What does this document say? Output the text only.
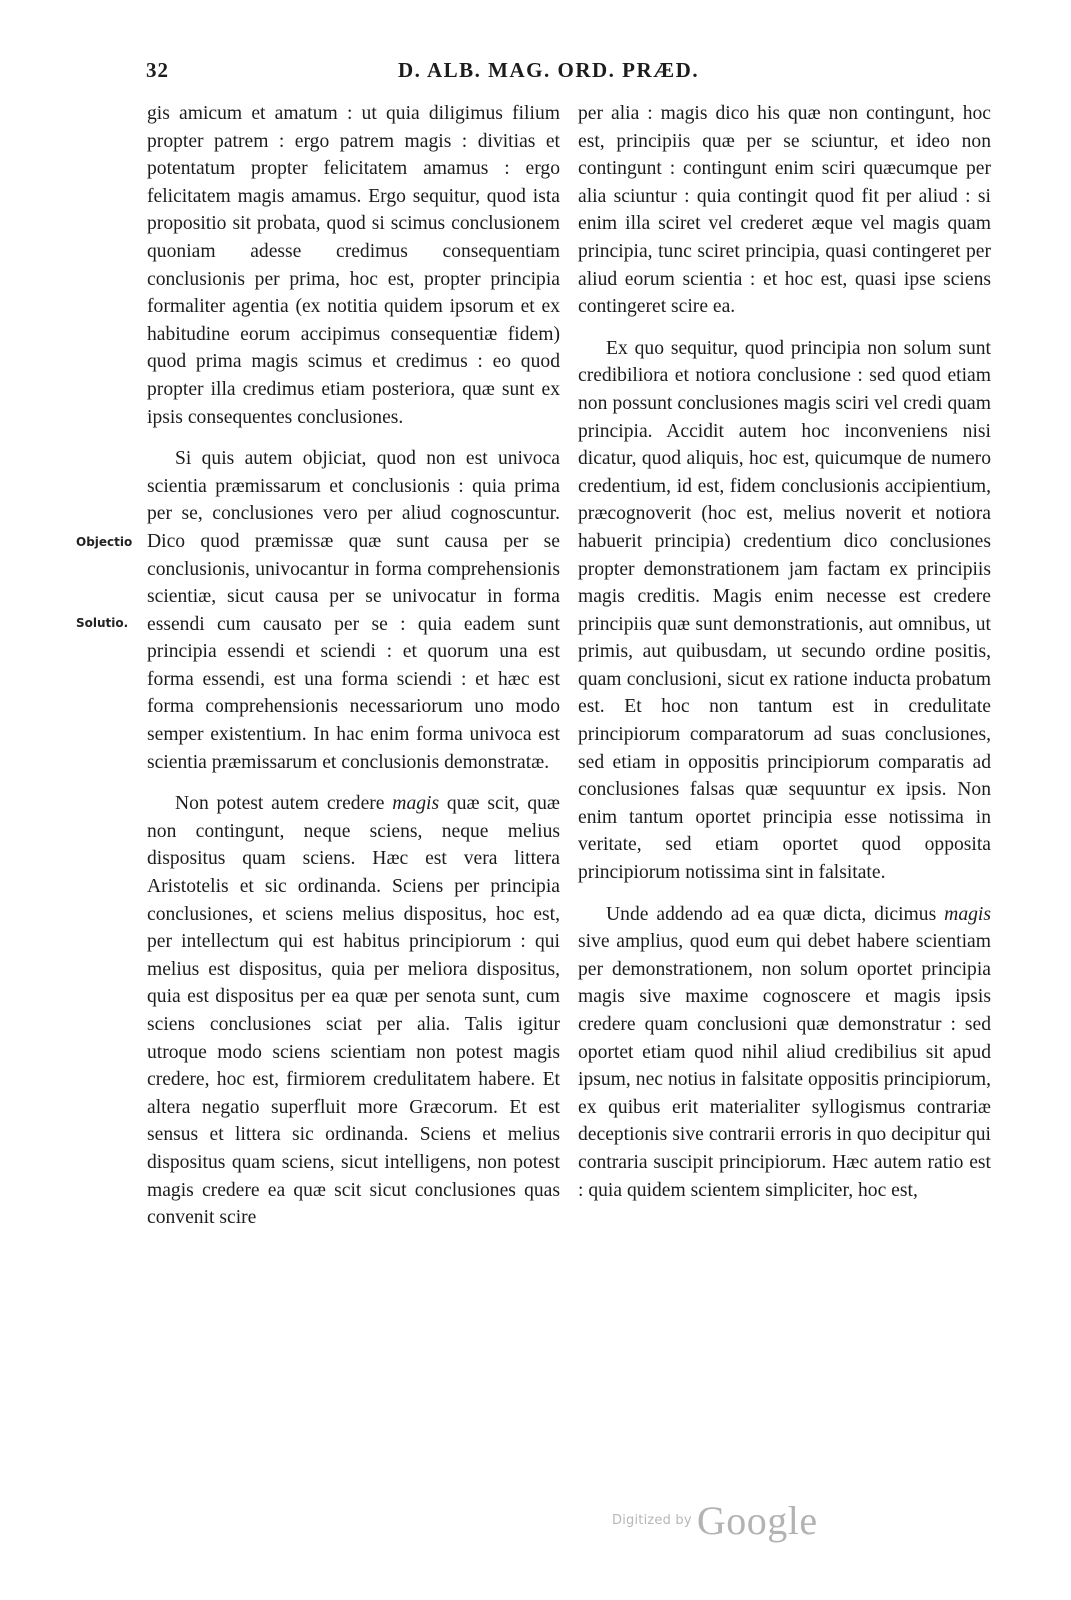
32	D. ALB. MAG. ORD. PRÆD.
Objectio
Solutio.

gis amicum et amatum : ut quia diligimus filium propter patrem : ergo patrem magis : divitias et potentatum propter felicitatem amamus : ergo felicitatem magis amamus. Ergo sequitur, quod ista propositio sit probata, quod si scimus conclusionem quoniam adesse credimus consequentiam conclusionis per prima, hoc est, propter principia formaliter agentia (ex notitia quidem ipsorum et ex habitudine eorum accipimus consequentiæ fidem) quod prima magis scimus et credimus : eo quod propter illa credimus etiam posteriora, quæ sunt ex ipsis consequentes conclusiones.

Si quis autem objiciat, quod non est univoca scientia præmissarum et conclusionis : quia prima per se, conclusiones vero per aliud cognoscuntur. Dico quod præmissæ quæ sunt causa per se conclusionis, univocantur in forma comprehensionis scientiæ, sicut causa per se univocatur in forma essendi cum causato per se : quia eadem sunt principia essendi et sciendi : et quorum una est forma essendi, est una forma sciendi : et hæc est forma comprehensionis necessariorum uno modo semper existentium. In hac enim forma univoca est scientia præmissarum et conclusionis demonstratæ.

Non potest autem credere magis quæ scit, quæ non contingunt, neque sciens, neque melius dispositus quam sciens. Hæc est vera littera Aristotelis et sic ordinanda. Sciens per principia conclusiones, et sciens melius dispositus, hoc est, per intellectum qui est habitus principiorum : qui melius est dispositus, quia per meliora dispositus, quia est dispositus per ea quæ per senota sunt, cum sciens conclusiones sciat per alia. Talis igitur utroque modo sciens scientiam non potest magis credere, hoc est, firmiorem credulitatem habere. Et altera negatio superfluit more Græcorum. Et est sensus et littera sic ordinanda. Sciens et melius dispositus quam sciens, sicut intelligens, non potest magis credere ea quæ scit sicut conclusiones quas convenit scire

per alia : magis dico his quæ non contingunt, hoc est, principiis quæ per se sciuntur, et ideo non contingunt : contingunt enim sciri quæcumque per alia sciuntur : quia contingit quod fit per aliud : si enim illa sciret vel crederet æque vel magis quam principia, tunc sciret principia, quasi contingeret per aliud eorum scientia : et hoc est, quasi ipse sciens contingeret scire ea.

Ex quo sequitur, quod principia non solum sunt credibiliora et notiora conclusione : sed quod etiam non possunt conclusiones magis sciri vel credi quam principia. Accidit autem hoc inconveniens nisi dicatur, quod aliquis, hoc est, quicumque de numero credentium, id est, fidem conclusionis accipientium, præcognoverit (hoc est, melius noverit et notiora habuerit principia) credentium dico conclusiones propter demonstrationem jam factam ex principiis magis creditis. Magis enim necesse est credere principiis quæ sunt demonstrationis, aut omnibus, ut primis, aut quibusdam, ut secundo ordine positis, quam conclusioni, sicut ex ratione inducta probatum est. Et hoc non tantum est in credulitate principiorum comparatorum ad suas conclusiones, sed etiam in oppositis principiorum comparatis ad conclusiones falsas quæ sequuntur ex ipsis. Non enim tantum oportet principia esse notissima in veritate, sed etiam oportet quod opposita principiorum notissima sint in falsitate.

Unde addendo ad ea quæ dicta, dicimus magis sive amplius, quod eum qui debet habere scientiam per demonstrationem, non solum oportet principia magis sive maxime cognoscere et magis ipsis credere quam conclusioni quæ demonstratur : sed oportet etiam quod nihil aliud credibilius sit apud ipsum, nec notius in falsitate oppositis principiorum, ex quibus erit materialiter syllogismus contrariæ deceptionis sive contrarii erroris in quo decipitur qui contraria suscipit principiorum. Hæc autem ratio est : quia quidem scientem simpliciter, hoc est,

Digitized by Google
